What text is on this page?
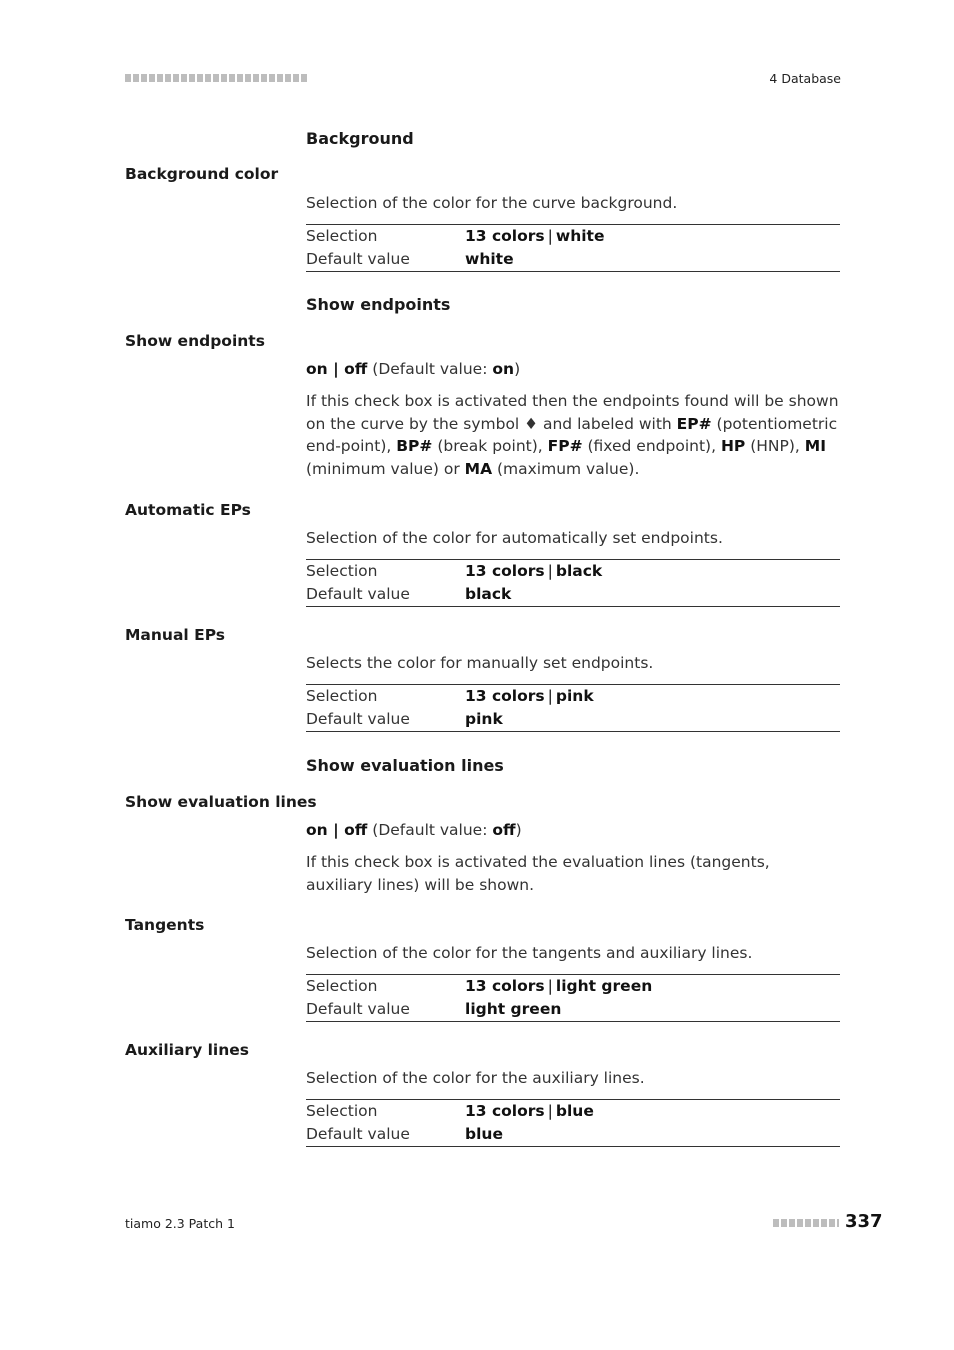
4 Database
Background
Background color
Selection of the color for the curve background.
Selection	13 colors | white
Default value	white
Show endpoints
Show endpoints
on | off (Default value: on)
If this check box is activated then the endpoints found will be shown on the curve by the symbol ♦ and labeled with EP# (potentiometric end-point), BP# (break point), FP# (fixed endpoint), HP (HNP), MI (minimum value) or MA (maximum value).
Automatic EPs
Selection of the color for automatically set endpoints.
Selection	13 colors | black
Default value	black
Manual EPs
Selects the color for manually set endpoints.
Selection	13 colors | pink
Default value	pink
Show evaluation lines
Show evaluation lines
on | off (Default value: off)
If this check box is activated the evaluation lines (tangents, auxiliary lines) will be shown.
Tangents
Selection of the color for the tangents and auxiliary lines.
Selection	13 colors | light green
Default value	light green
Auxiliary lines
Selection of the color for the auxiliary lines.
Selection	13 colors | blue
Default value	blue
tiamo 2.3 Patch 1	337
